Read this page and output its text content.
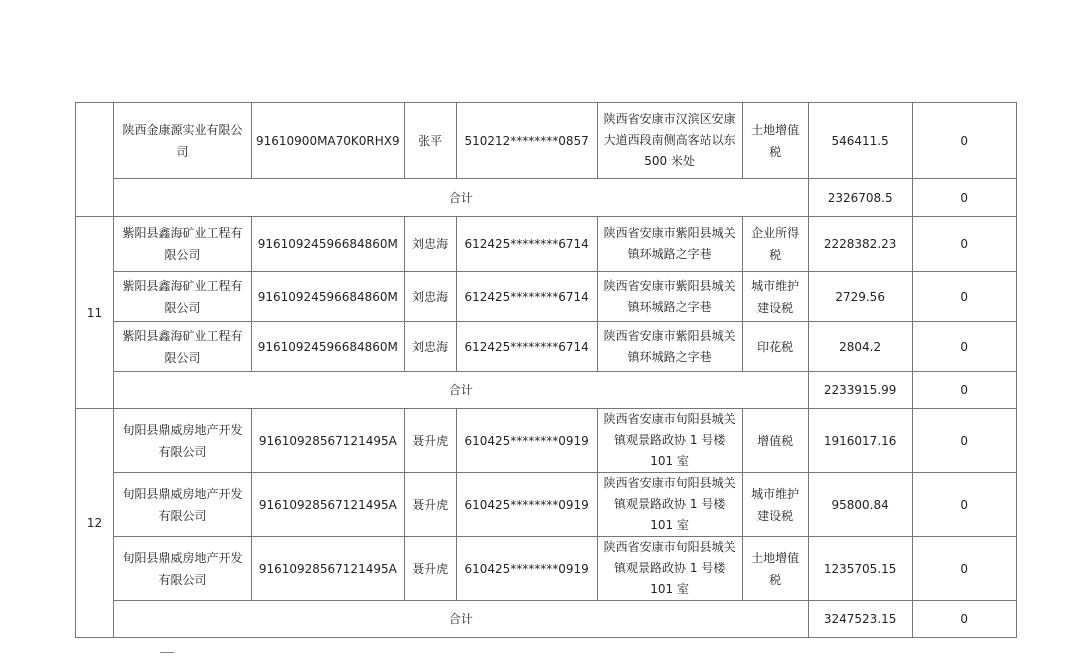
	陕西金康源实业有限公司	91610900MA70K0RHX9	张平	510212********0857	陕西省安康市汉滨区安康大道西段南侧高客站以东500 米处	土地增值税	546411.5	0
	合计						2326708.5	0
11	紫阳县鑫海矿业工程有限公司	91610924596684860M	刘忠海	612425********6714	陕西省安康市紫阳县城关镇环城路之字巷	企业所得税	2228382.23	0
	紫阳县鑫海矿业工程有限公司	91610924596684860M	刘忠海	612425********6714	陕西省安康市紫阳县城关镇环城路之字巷	城市维护建设税	2729.56	0
	紫阳县鑫海矿业工程有限公司	91610924596684860M	刘忠海	612425********6714	陕西省安康市紫阳县城关镇环城路之字巷	印花税	2804.2	0
	合计						2233915.99	0
12	旬阳县鼎威房地产开发有限公司	91610928567121495A	聂升虎	610425********0919	陕西省安康市旬阳县城关镇观景路政协 1 号楼 101 室	增值税	1916017.16	0
	旬阳县鼎威房地产开发有限公司	91610928567121495A	聂升虎	610425********0919	陕西省安康市旬阳县城关镇观景路政协 1 号楼 101 室	城市维护建设税	95800.84	0
	旬阳县鼎威房地产开发有限公司	91610928567121495A	聂升虎	610425********0919	陕西省安康市旬阳县城关镇观景路政协 1 号楼 101 室	土地增值税	1235705.15	0
	合计						3247523.15	0
